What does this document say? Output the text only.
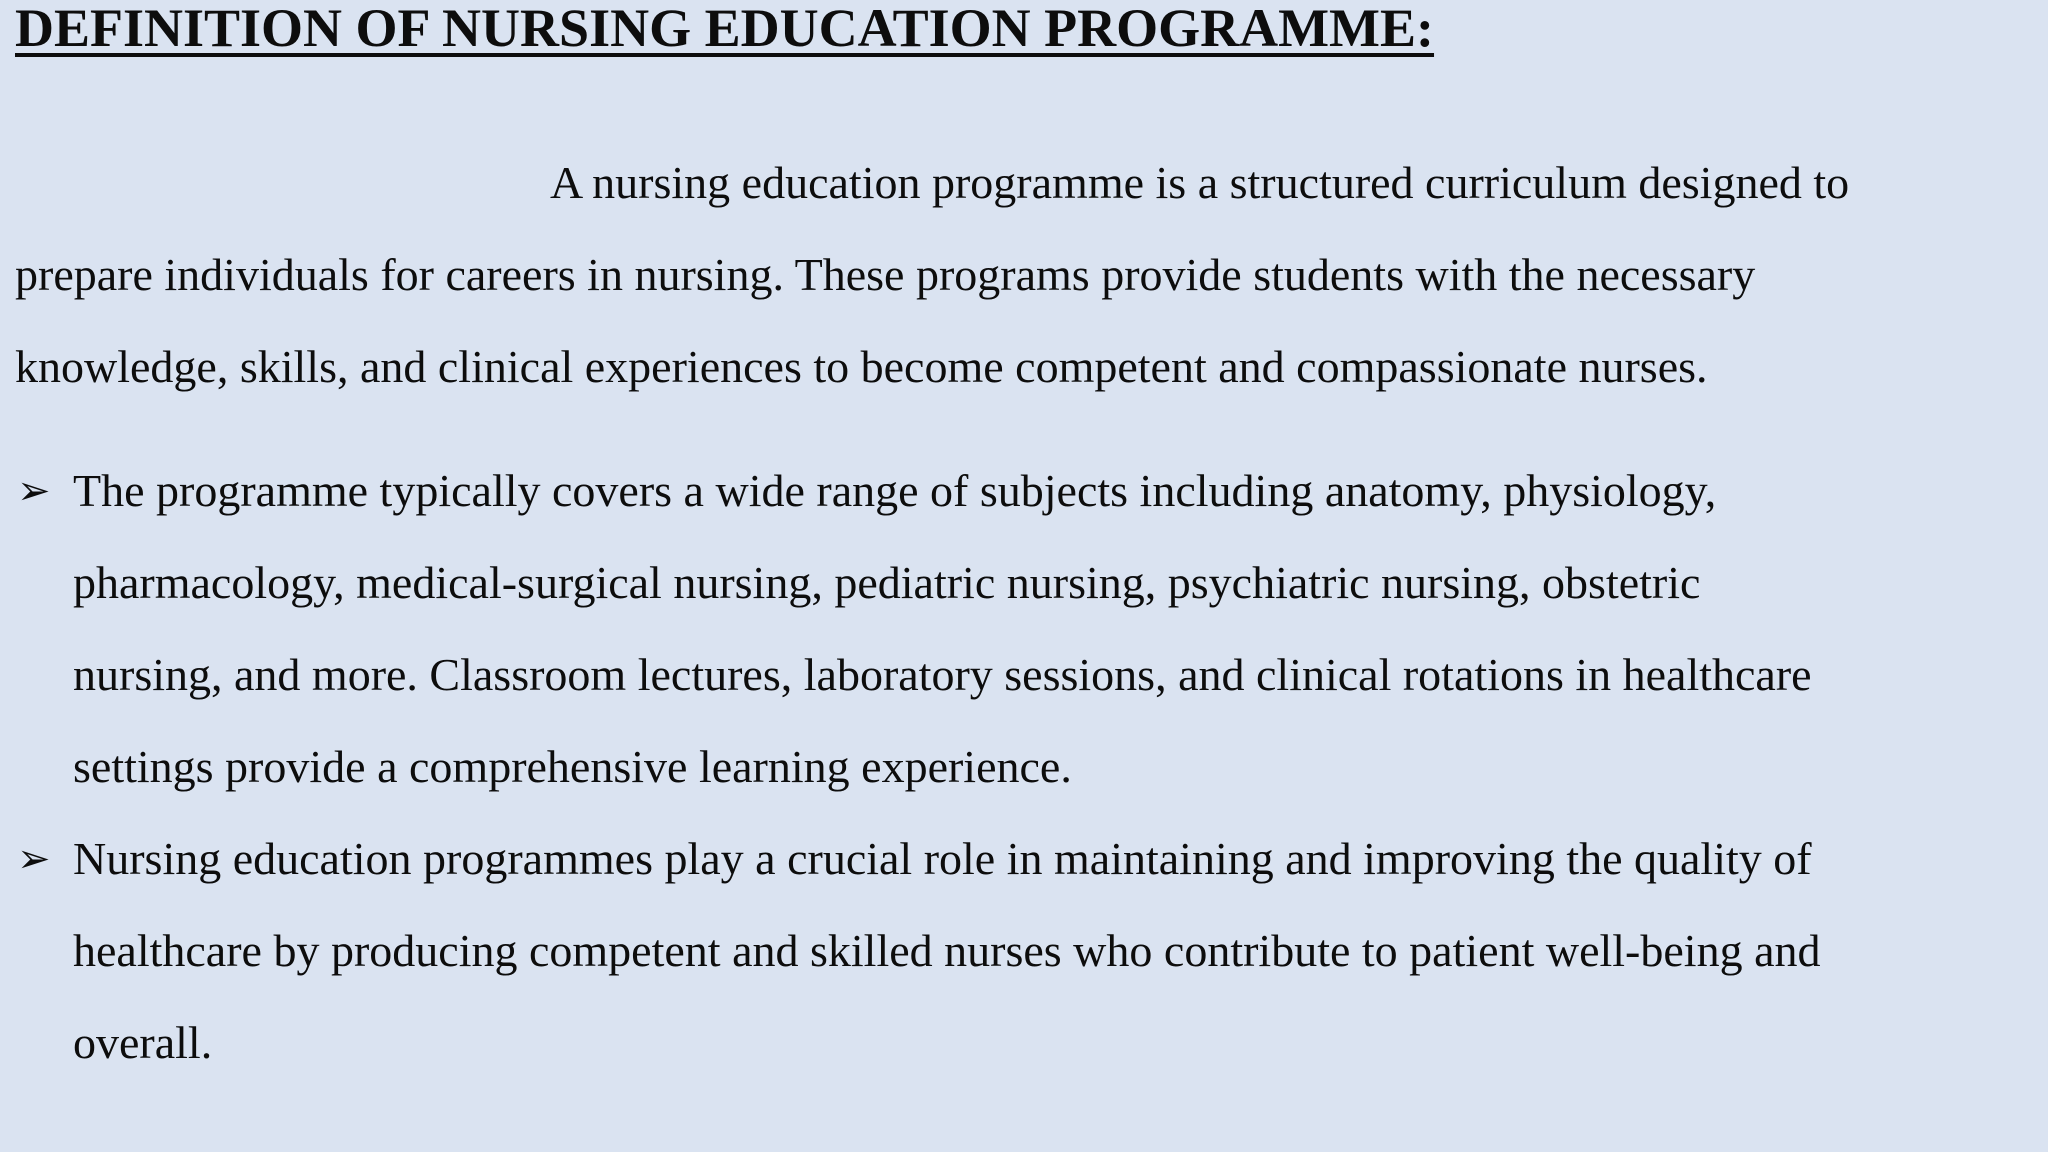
DEFINITION OF NURSING EDUCATION PROGRAMME:

A nursing education programme is a structured curriculum designed to
prepare individuals for careers in nursing. These programs provide students with the necessary
knowledge, skills, and clinical experiences to become competent and compassionate nurses.

➢ The programme typically covers a wide range of subjects including anatomy, physiology,
pharmacology, medical-surgical nursing, pediatric nursing, psychiatric nursing, obstetric
nursing, and more. Classroom lectures, laboratory sessions, and clinical rotations in healthcare
settings provide a comprehensive learning experience.
➢ Nursing education programmes play a crucial role in maintaining and improving the quality of
healthcare by producing competent and skilled nurses who contribute to patient well-being and
overall.
